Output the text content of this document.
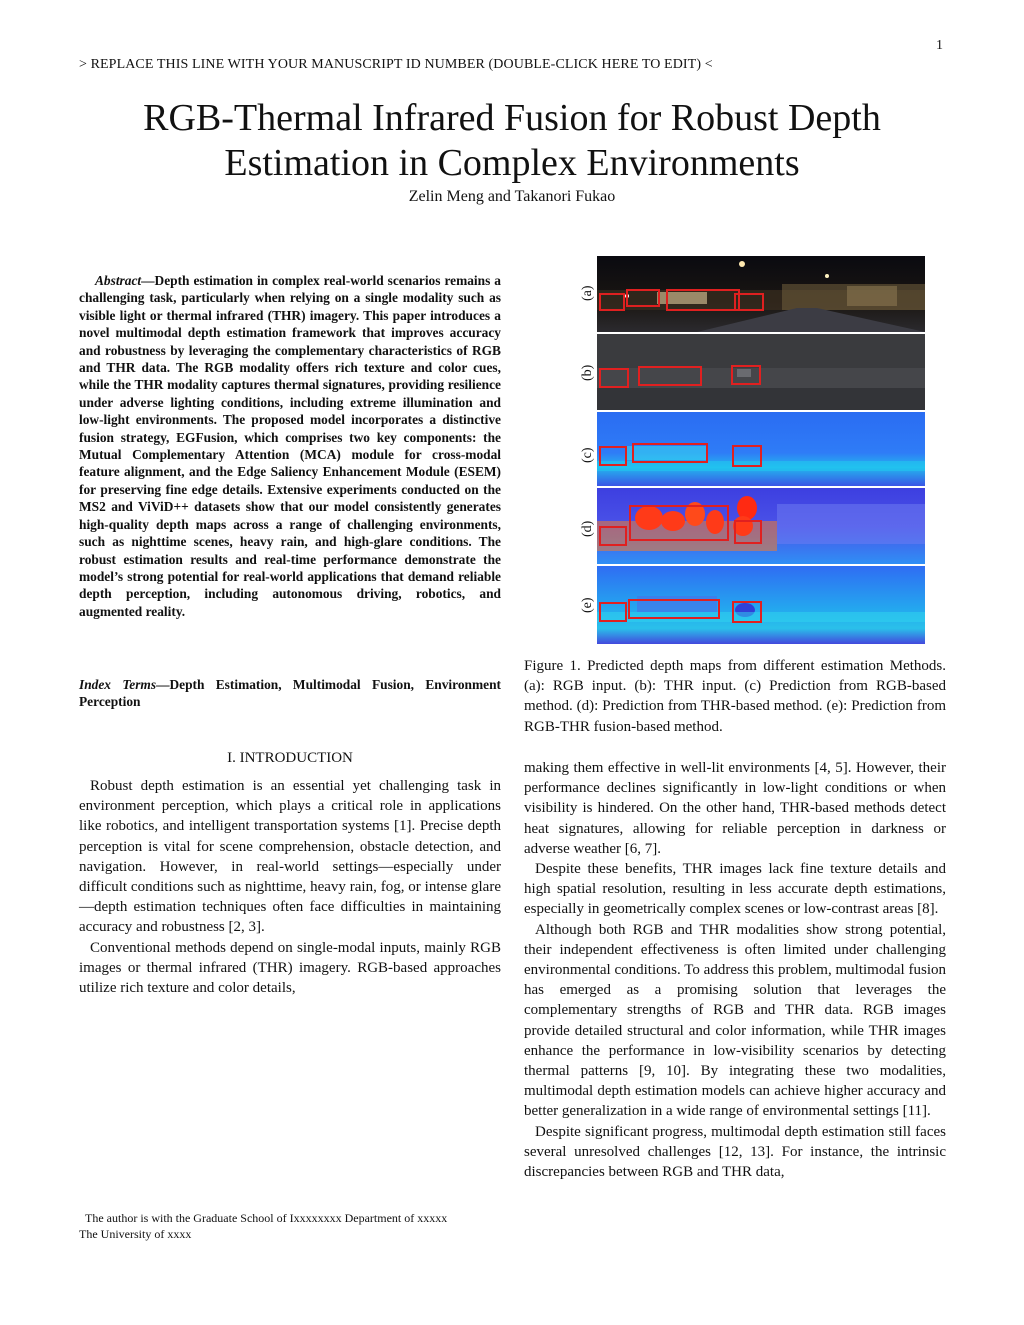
1
> REPLACE THIS LINE WITH YOUR MANUSCRIPT ID NUMBER (DOUBLE-CLICK HERE TO EDIT) <
RGB-Thermal Infrared Fusion for Robust Depth
Estimation in Complex Environments
Zelin Meng and Takanori Fukao
Abstract—Depth estimation in complex real-world scenarios remains a challenging task, particularly when relying on a single modality such as visible light or thermal infrared (THR) imagery. This paper introduces a novel multimodal depth estimation framework that improves accuracy and robustness by leveraging the complementary characteristics of RGB and THR data. The RGB modality offers rich texture and color cues, while the THR modality captures thermal signatures, providing resilience under adverse lighting conditions, including extreme illumination and low-light environments. The proposed model incorporates a distinctive fusion strategy, EGFusion, which comprises two key components: the Mutual Complementary Attention (MCA) module for cross-modal feature alignment, and the Edge Saliency Enhancement Module (ESEM) for preserving fine edge details. Extensive experiments conducted on the MS2 and ViViD++ datasets show that our model consistently generates high-quality depth maps across a range of challenging environments, such as nighttime scenes, heavy rain, and high-glare conditions. The robust estimation results and real-time performance demonstrate the model’s strong potential for real-world applications that demand reliable depth perception, including autonomous driving, robotics, and augmented reality.
Index Terms—Depth Estimation, Multimodal Fusion, Environment Perception
I. INTRODUCTION

Robust depth estimation is an essential yet challenging task in environment perception, which plays a critical role in applications like robotics, and intelligent transportation systems [1]. Precise depth perception is vital for scene comprehension, obstacle detection, and navigation. However, in real-world settings—especially under difficult conditions such as nighttime, heavy rain, fog, or intense glare—depth estimation techniques often face difficulties in maintaining accuracy and robustness [2, 3].

Conventional methods depend on single-modal inputs, mainly RGB images or thermal infrared (THR) imagery. RGB-based approaches utilize rich texture and color details,

(a)
(b)
(c)
(d)
(e)
Figure 1. Predicted depth maps from different estimation Methods. (a): RGB input. (b): THR input. (c) Prediction from RGB-based method. (d): Prediction from THR-based method. (e): Prediction from RGB-THR fusion-based method.

making them effective in well-lit environments [4, 5]. However, their performance declines significantly in low-light conditions or when visibility is hindered. On the other hand, THR-based methods detect heat signatures, allowing for reliable perception in darkness or adverse weather [6, 7].

Despite these benefits, THR images lack fine texture details and high spatial resolution, resulting in less accurate depth estimations, especially in geometrically complex scenes or low-contrast areas [8].

Although both RGB and THR modalities show strong potential, their independent effectiveness is often limited under challenging environmental conditions. To address this problem, multimodal fusion has emerged as a promising solution that leverages the complementary strengths of RGB and THR data. RGB images provide detailed structural and color information, while THR images enhance the performance in low-visibility scenarios by detecting thermal patterns [9, 10]. By integrating these two modalities, multimodal depth estimation models can achieve higher accuracy and better generalization in a wide range of environmental settings [11].

Despite significant progress, multimodal depth estimation still faces several unresolved challenges [12, 13]. For instance, the intrinsic discrepancies between RGB and THR data,

The author is with the Graduate School of Ixxxxxxxx Department of xxxxx

The University of xxxx
